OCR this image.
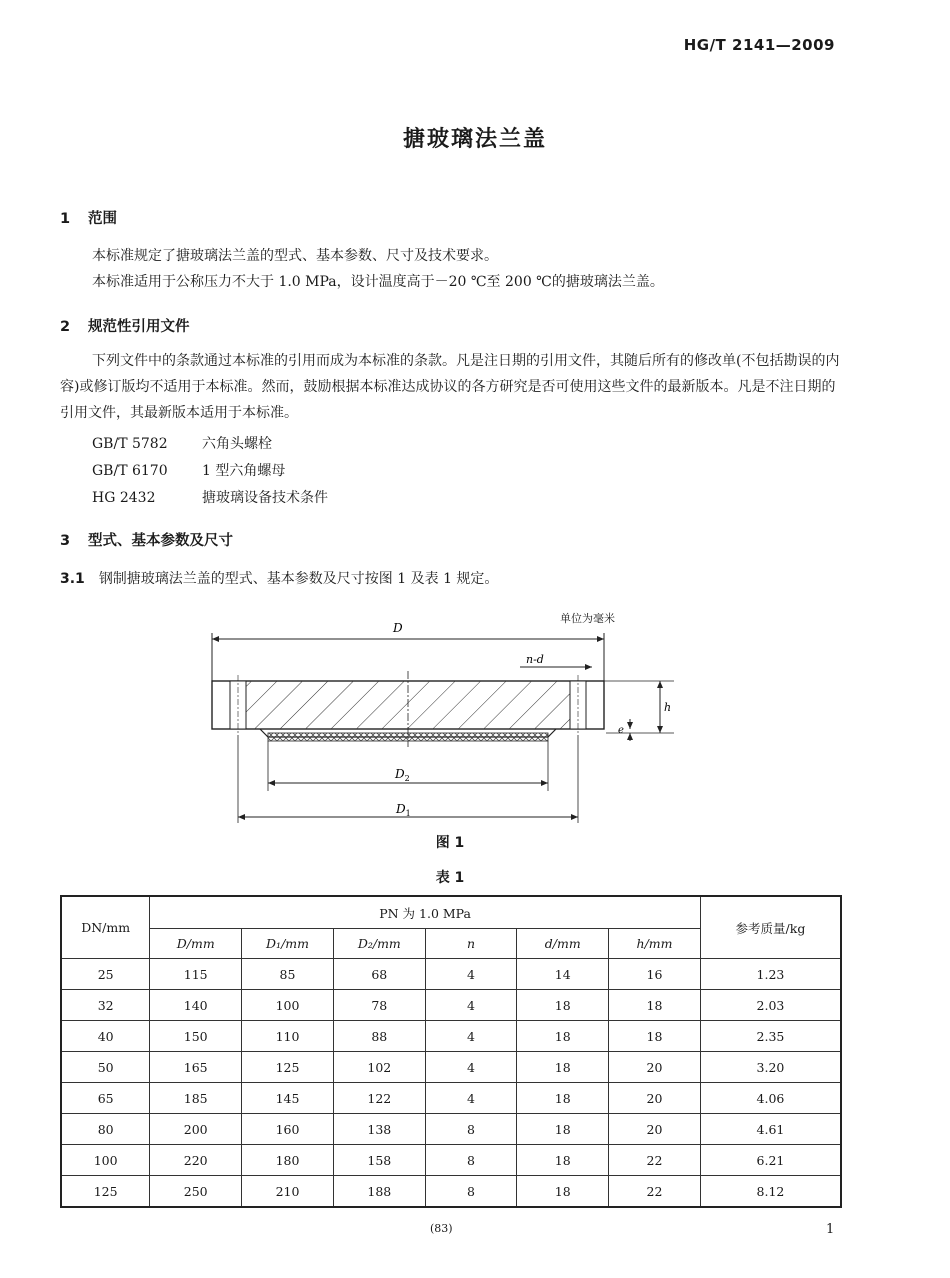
HG/T 2141—2009
搪玻璃法兰盖
1 范围
本标准规定了搪玻璃法兰盖的型式、基本参数、尺寸及技术要求。
本标准适用于公称压力不大于 1.0 MPa，设计温度高于－20 ℃至 200 ℃的搪玻璃法兰盖。
2 规范性引用文件
下列文件中的条款通过本标准的引用而成为本标准的条款。凡是注日期的引用文件，其随后所有的修改单(不包括勘误的内容)或修订版均不适用于本标准。然而，鼓励根据本标准达成协议的各方研究是否可使用这些文件的最新版本。凡是不注日期的引用文件，其最新版本适用于本标准。
GB/T 5782 六角头螺栓
GB/T 6170 1 型六角螺母
HG 2432	搪玻璃设备技术条件
3 型式、基本参数及尺寸
3.1 钢制搪玻璃法兰盖的型式、基本参数及尺寸按图 1 及表 1 规定。
单位为毫米
D
n-d
h
e
$D_2$
$D_1$
图 1
表 1
DN/mm	PN 为 1.0 MPa						参考质量/kg
	D/mm	D₁/mm	D₂/mm	n	d/mm	h/mm	
25	115	85	68	4	14	16	1.23
32	140	100	78	4	18	18	2.03
40	150	110	88	4	18	18	2.35
50	165	125	102	4	18	20	3.20
65	185	145	122	4	18	20	4.06
80	200	160	138	8	18	20	4.61
100	220	180	158	8	18	22	6.21
125	250	210	188	8	18	22	8.12
(83)	1
